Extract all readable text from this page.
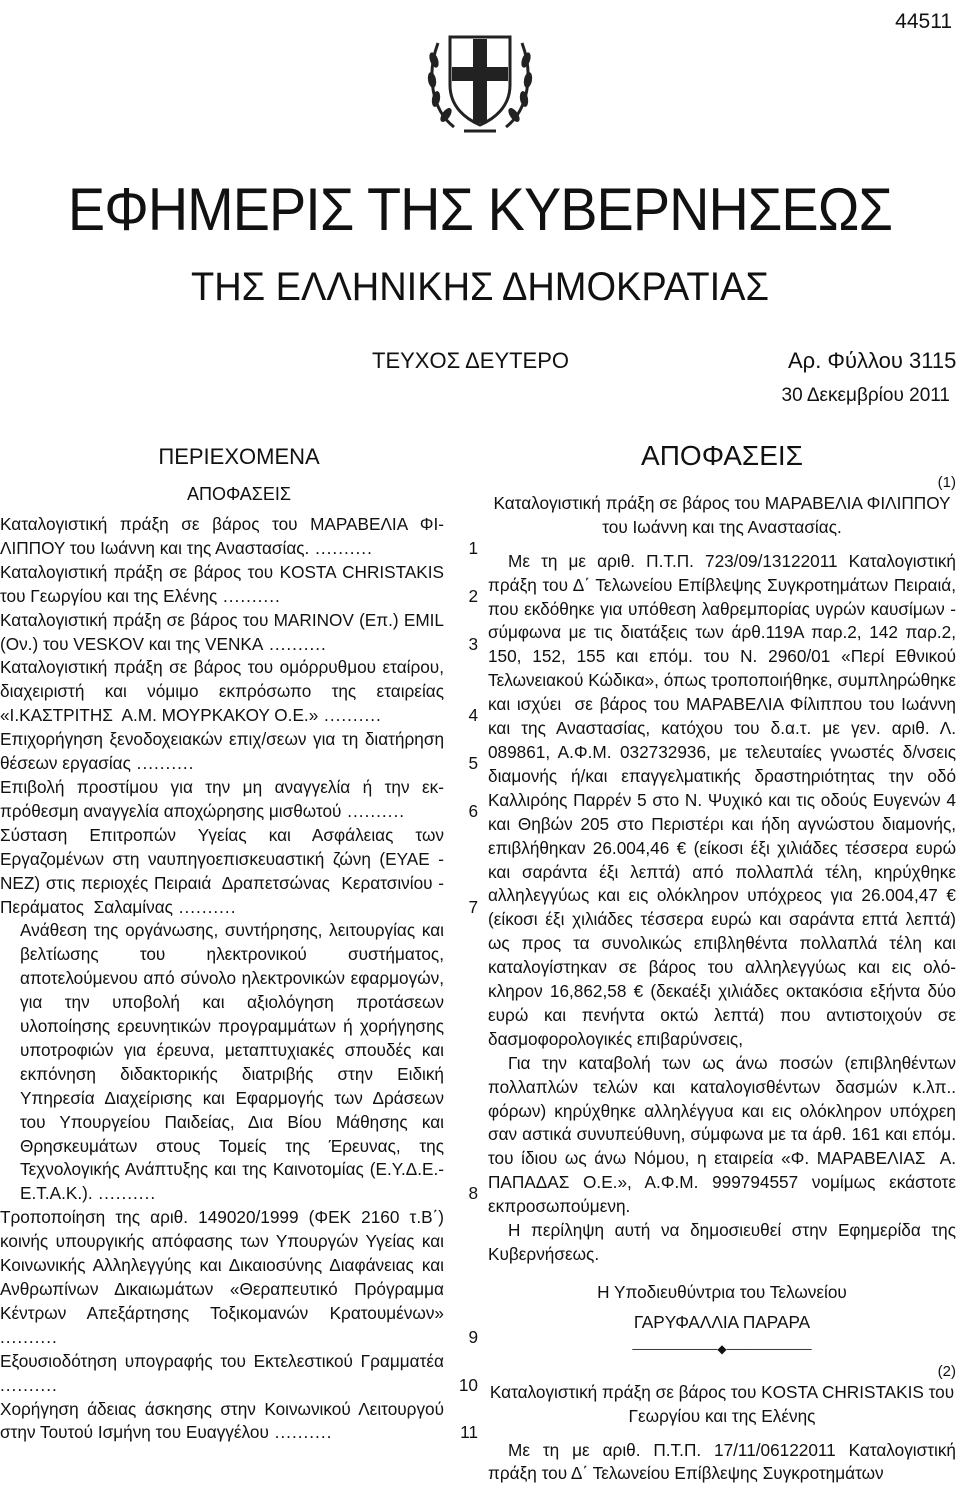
44511
ΕΦΗΜΕΡΙΣ ΤΗΣ ΚΥΒΕΡΝΗΣΕΩΣ
ΤΗΣ ΕΛΛΗΝΙΚΗΣ ΔΗΜΟΚΡΑΤΙΑΣ
ΤΕΥΧΟΣ ΔΕΥΤΕΡΟ	Αρ. Φύλλου 3115
30 Δεκεμβρίου 2011
ΠΕΡΙΕΧΟΜΕΝΑ
ΑΠΟΦΑΣΕΙΣ
Καταλογιστική πράξη σε βάρος του ΜΑΡΑΒΕΛΙΑ ΦΙΛΙΠΠΟΥ του Ιωάννη και της Αναστασίας. ..........	1
Καταλογιστική πράξη σε βάρος του KOSTA CHRISTAKIS του Γεωργίου και της Ελένης ..........	2
Καταλογιστική πράξη σε βάρος του MARINOV (Επ.) EMIL (Ον.) του VESKOV και της VENKA ..........	3
Καταλογιστική πράξη σε βάρος του ομόρρυθμου εταίρου, διαχειριστή και νόμιμο εκπρόσωπο της εταιρείας «Ι.ΚΑΣΤΡΙΤΗΣ Α.Μ. ΜΟΥΡΚΑΚΟΥ Ο.Ε.» ..........	4
Επιχορήγηση ξενοδοχειακών επιχ/σεων για τη διατήρηση θέσεων εργασίας ..........	5
Επιβολή προστίμου για την μη αναγγελία ή την εκπρόθεσμη αναγγελία αποχώρησης μισθωτού ..........	6
Σύσταση Επιτροπών Υγείας και Ασφάλειας των Εργαζομένων στη ναυπηγοεπισκευαστική ζώνη (ΕΥΑΕ ΝΕΖ) στις περιοχές Πειραιά Δραπετσώνας Κερατσινίου Περάματος Σαλαμίνας ..........	7
Ανάθεση της οργάνωσης, συντήρησης, λειτουργίας και βελτίωσης του ηλεκτρονικού συστήματος, αποτελούμενου από σύνολο ηλεκτρονικών εφαρμογών, για την υποβολή και αξιολόγηση προτάσεων υλοποίησης ερευνητικών προγραμμάτων ή χορήγησης υποτροφιών για έρευνα, μεταπτυχιακές σπουδές και εκπόνηση διδακτορικής διατριβής στην Ειδική Υπηρεσία Διαχείρισης και Εφαρμογής των Δράσεων του Υπουργείου Παιδείας, Δια Βίου Μάθησης και Θρησκευμάτων στους Τομείς της Έρευνας, της Τεχνολογικής Ανάπτυξης και της Καινοτομίας (Ε.Υ.Δ.Ε.Ε.Τ.Α.Κ.). ..........	8
Τροποποίηση της αριθ. 149020/1999 (ΦΕΚ 2160 τ.Β΄) κοινής υπουργικής απόφασης των Υπουργών Υγείας και Κοινωνικής Αλληλεγγύης και Δικαιοσύνης Διαφάνειας και Ανθρωπίνων Δικαιωμάτων «Θεραπευτικό Πρόγραμμα Κέντρων Απεξάρτησης Τοξικομανών Κρατουμένων» ..........	9
Εξουσιοδότηση υπογραφής του Εκτελεστικού Γραμματέα ..........	10
Χορήγηση άδειας άσκησης στην Κοινωνικού Λειτουργού στην Τουτού Ισμήνη του Ευαγγέλου ..........	11
ΑΠΟΦΑΣΕΙΣ
(1)
Καταλογιστική πράξη σε βάρος του ΜΑΡΑΒΕΛΙΑ ΦΙΛΙΠΠΟΥ του Ιωάννη και της Αναστασίας.

Με τη με αριθ. Π.Τ.Π. 723/09/13122011 Καταλογιστική πράξη του Δ΄ Τελωνείου Επίβλεψης Συγκροτημάτων Πειραιά, που εκδόθηκε για υπόθεση λαθρεμπορίας υγρών καυσίμων σύμφωνα με τις διατάξεις των άρθ.119Α παρ.2, 142 παρ.2, 150, 152, 155 και επόμ. του Ν. 2960/01 «Περί Εθνικού Τελωνειακού Κώδικα», όπως τροποποιήθηκε, συμπληρώθηκε και ισχύει σε βάρος του ΜΑΡΑΒΕΛΙΑ Φίλιππου του Ιωάννη και της Αναστασίας, κατόχου του δ.α.τ. με γεν. αριθ. Λ. 089861, Α.Φ.Μ. 032732936, με τελευταίες γνωστές δ/νσεις διαμονής ή/και επαγγελματικής δραστηριότητας την οδό Καλλιρόης Παρρέν 5 στο Ν. Ψυχικό και τις οδούς Ευγενών 4 και Θηβών 205 στο Περιστέρι και ήδη αγνώστου διαμονής, επιβλήθηκαν 26.004,46 € (είκοσι έξι χιλιάδες τέσσερα ευρώ και σαράντα έξι λεπτά) από πολλαπλά τέλη, κηρύχθηκε αλληλεγγύως και εις ολόκληρον υπόχρεος για 26.004,47 € (είκοσι έξι χιλιάδες τέσσερα ευρώ και σαράντα επτά λεπτά) ως προς τα συνολικώς επιβληθέντα πολλαπλά τέλη και καταλογίστηκαν σε βάρος του αλληλεγγύως και εις ολόκληρον 16,862,58 € (δεκαέξι χιλιάδες οκτακόσια εξήντα δύο ευρώ και πενήντα οκτώ λεπτά) που αντιστοιχούν σε δασμοφορολογικές επιβαρύνσεις,

Για την καταβολή των ως άνω ποσών (επιβληθέντων πολλαπλών τελών και καταλογισθέντων δασμών κ.λπ.. φόρων) κηρύχθηκε αλληλέγγυα και εις ολόκληρον υπόχρεη σαν αστικά συνυπεύθυνη, σύμφωνα με τα άρθ. 161 και επόμ. του ίδιου ως άνω Νόμου, η εταιρεία «Φ. ΜΑΡΑΒΕΛΙΑΣ Α. ΠΑΠΑΔΑΣ Ο.Ε.», Α.Φ.Μ. 999794557 νομίμως εκάστοτε εκπροσωπούμενη.

Η περίληψη αυτή να δημοσιευθεί στην Εφημερίδα της Κυβερνήσεως.

Η Υποδιευθύντρια του Τελωνείου
ΓΑΡΥΦΑΛΛΙΑ ΠΑΡΑΡΑ
──────────◆──────────
(2)
Καταλογιστική πράξη σε βάρος του KOSTA CHRISTAKIS του Γεωργίου και της Ελένης

Με τη με αριθ. Π.Τ.Π. 17/11/06122011 Καταλογιστική πράξη του Δ΄ Τελωνείου Επίβλεψης Συγκροτημάτων
